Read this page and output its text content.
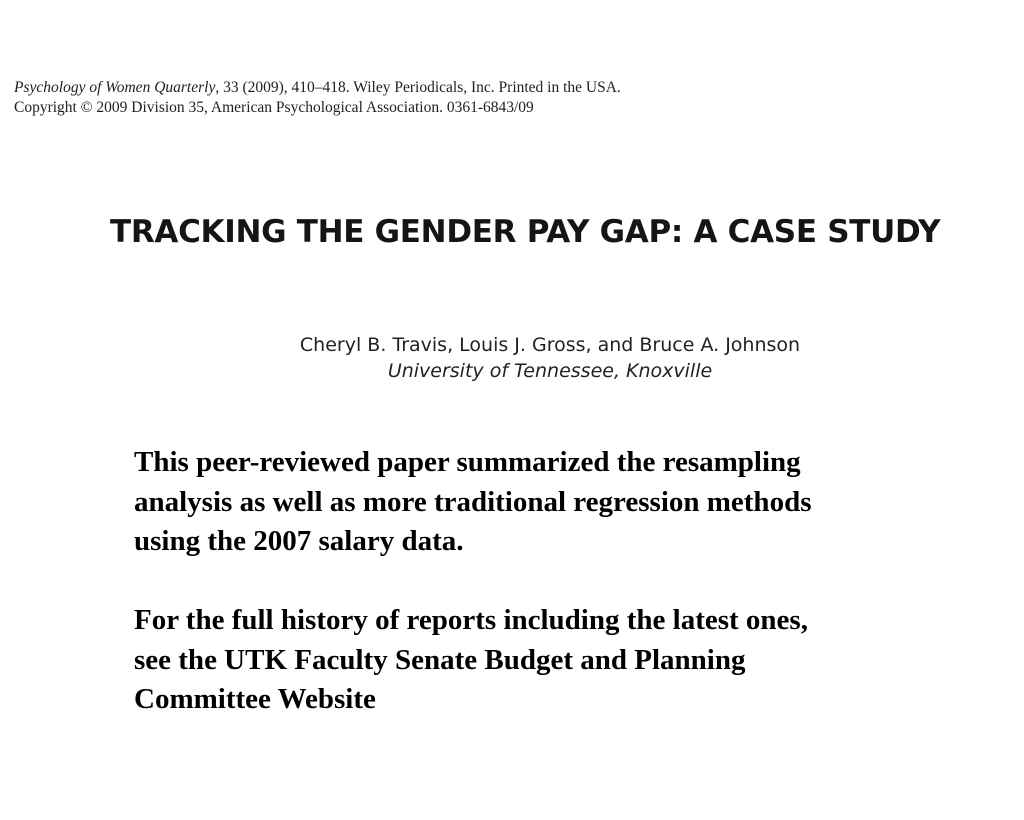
Psychology of Women Quarterly, 33 (2009), 410–418. Wiley Periodicals, Inc. Printed in the USA.
Copyright © 2009 Division 35, American Psychological Association. 0361-6843/09
TRACKING THE GENDER PAY GAP: A CASE STUDY
Cheryl B. Travis, Louis J. Gross, and Bruce A. Johnson
University of Tennessee, Knoxville
This peer-reviewed paper summarized the resampling
analysis as well as more traditional regression methods
using the 2007 salary data.
For the full history of reports including the latest ones,
see the UTK Faculty Senate Budget and Planning
Committee Website
